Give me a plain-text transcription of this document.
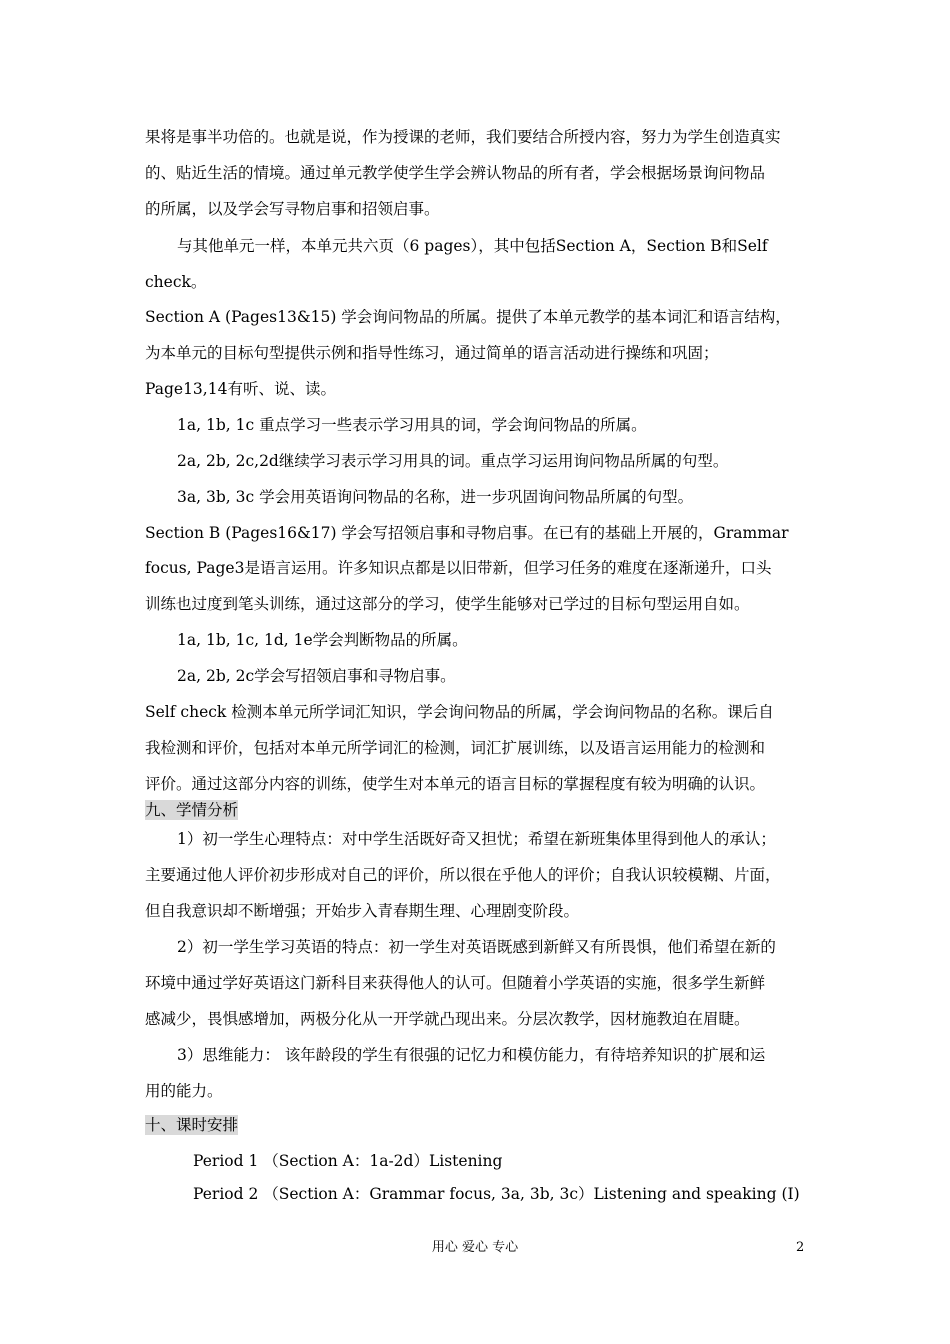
果将是事半功倍的。也就是说，作为授课的老师，我们要结合所授内容，努力为学生创造真实
的、贴近生活的情境。通过单元教学使学生学会辨认物品的所有者，学会根据场景询问物品
的所属，以及学会写寻物启事和招领启事。
与其他单元一样，本单元共六页（6 pages），其中包括Section A，Section B和Self
check。
Section A (Pages13&15) 学会询问物品的所属。提供了本单元教学的基本词汇和语言结构，
为本单元的目标句型提供示例和指导性练习，通过简单的语言活动进行操练和巩固；
Page13,14有听、说、读。
1a, 1b, 1c 重点学习一些表示学习用具的词，学会询问物品的所属。
2a, 2b, 2c,2d继续学习表示学习用具的词。重点学习运用询问物品所属的句型。
3a, 3b, 3c 学会用英语询问物品的名称，进一步巩固询问物品所属的句型。
Section B (Pages16&17) 学会写招领启事和寻物启事。在已有的基础上开展的，Grammar
focus, Page3是语言运用。许多知识点都是以旧带新，但学习任务的难度在逐渐递升，口头
训练也过度到笔头训练，通过这部分的学习，使学生能够对已学过的目标句型运用自如。
1a, 1b, 1c, 1d, 1e学会判断物品的所属。
2a, 2b, 2c学会写招领启事和寻物启事。
Self check 检测本单元所学词汇知识，学会询问物品的所属，学会询问物品的名称。课后自
我检测和评价，包括对本单元所学词汇的检测，词汇扩展训练，以及语言运用能力的检测和
评价。通过这部分内容的训练，使学生对本单元的语言目标的掌握程度有较为明确的认识。
九、学情分析
1）初一学生心理特点：对中学生活既好奇又担忧；希望在新班集体里得到他人的承认；
主要通过他人评价初步形成对自己的评价，所以很在乎他人的评价；自我认识较模糊、片面，
但自我意识却不断增强；开始步入青春期生理、心理剧变阶段。
2）初一学生学习英语的特点：初一学生对英语既感到新鲜又有所畏惧，他们希望在新的
环境中通过学好英语这门新科目来获得他人的认可。但随着小学英语的实施，很多学生新鲜
感减少，畏惧感增加，两极分化从一开学就凸现出来。分层次教学，因材施教迫在眉睫。
3）思维能力： 该年龄段的学生有很强的记忆力和模仿能力，有待培养知识的扩展和运
用的能力。
十、课时安排
Period 1 （Section A：1a-2d）Listening
Period 2 （Section A：Grammar focus, 3a, 3b, 3c）Listening and speaking (I)
用心 爱心 专心	2
